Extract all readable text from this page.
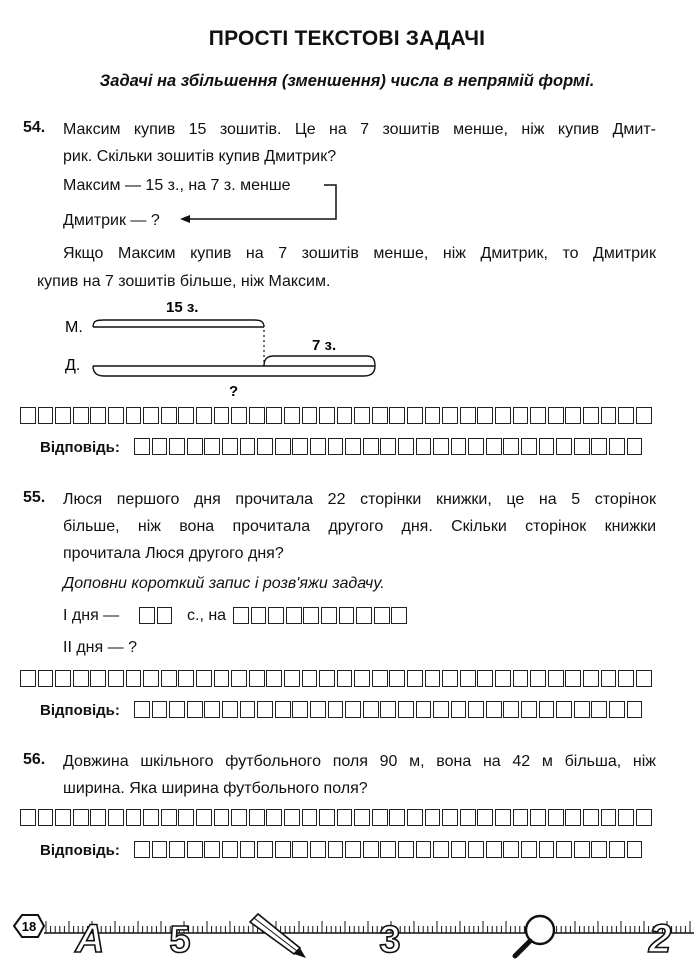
ПРОСТІ ТЕКСТОВІ ЗАДАЧІ
Задачі на збільшення (зменшення) числа в непрямій формі.
54. Максим купив 15 зошитів. Це на 7 зошитів менше, ніж купив Дмит-
рик. Скільки зошитів купив Дмитрик?
Максим — 15 з., на 7 з. менше
Дмитрик — ?
Якщо Максим купив на 7 зошитів менше, ніж Дмитрик, то Дмитрик
купив на 7 зошитів більше, ніж Максим.
М.
Д.
15 з.
7 з.
?
Відповідь:
55. Люся першого дня прочитала 22 сторінки книжки, це на 5 сторінок
більше, ніж вона прочитала другого дня. Скільки сторінок книжки
прочитала Люся другого дня?
Доповни короткий запис і розв'яжи задачу.
І дня —	с., на
ІІ дня — ?
Відповідь:
56. Довжина шкільного футбольного поля 90 м, вона на 42 м більша, ніж
ширина. Яка ширина футбольного поля?
Відповідь:
18 A 5	3	2
